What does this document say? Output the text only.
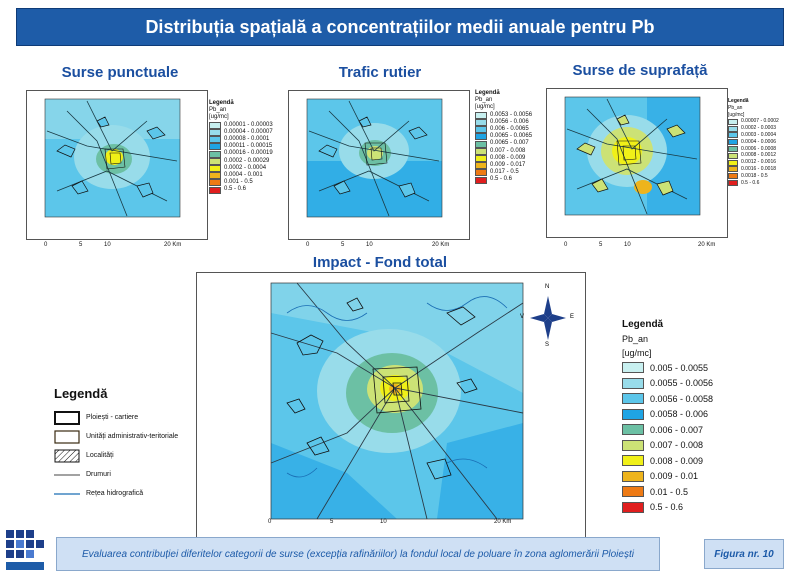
Distribuția spațială a concentrațiilor medii anuale pentru Pb
Surse punctuale
0	5	10	20 Km
Legendă
Pb_an
[ug/mc]
0.00001 - 0.00003
0.00004 - 0.00007
0.00008 - 0.0001
0.00011 - 0.00015
0.00016 - 0.00019
0.0002 - 0.00029
0.0002 - 0.0004
0.0004 - 0.001
0.001 - 0.5
0.5 - 0.6
Trafic rutier
0	5	10	20 Km
Legendă
Pb_an
[ug/mc]
0.0053 - 0.0056
0.0056 - 0.006
0.006 - 0.0065
0.0065 - 0.0065
0.0065 - 0.007
0.007 - 0.008
0.008 - 0.009
0.009 - 0.017
0.017 - 0.5
0.5 - 0.6
Surse de suprafață
0	5	10	20 Km
Legendă
Pb_an
[ug/mc]
0.00007 - 0.0002
0.0002 - 0.0003
0.0003 - 0.0004
0.0004 - 0.0006
0.0006 - 0.0008
0.0008 - 0.0012
0.0012 - 0.0016
0.0016 - 0.0018
0.0018 - 0.5
0.5 - 0.6
Impact - Fond total
0	5	10	20 Km
N
S
V	E
Legendă
Pb_an
[ug/mc]
0.005 - 0.0055
0.0055 - 0.0056
0.0056 - 0.0058
0.0058 - 0.006
0.006 - 0.007
0.007 - 0.008
0.008 - 0.009
0.009 - 0.01
0.01 - 0.5
0.5 - 0.6
Legendă
Ploiești - cartiere
Unități administrativ-teritoriale
Localități
Drumuri
Rețea hidrografică
Evaluarea contribuției diferitelor categorii de surse (excepția rafinăriilor) la fondul local de poluare în zona aglomerării Ploiești	Figura nr. 10
